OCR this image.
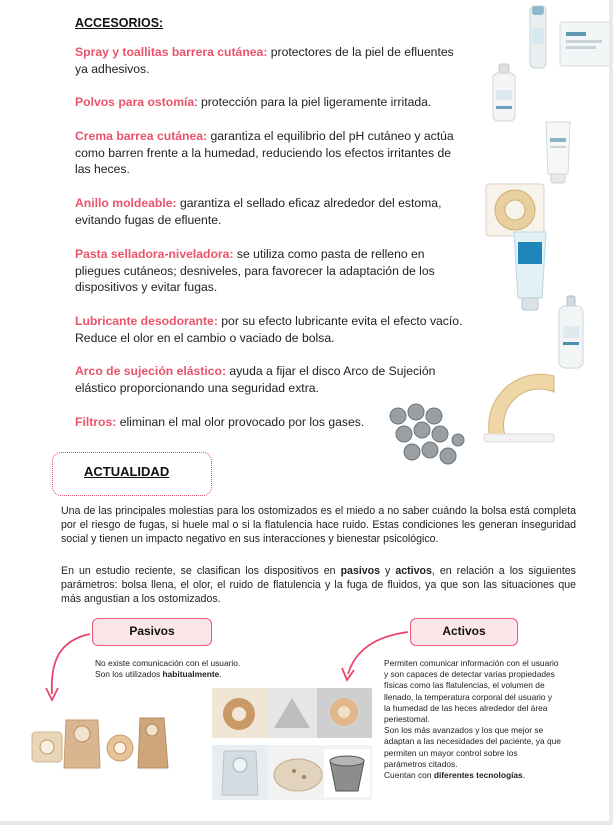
ACCESORIOS:
Spray y toallitas barrera cutánea: protectores de la piel de efluentes
ya adhesivos.
Polvos para ostomía: protección para la piel ligeramente irritada.
Crema barrea cutánea: garantiza el equilibrio del pH cutáneo y actúa
como barren frente a la humedad, reduciendo los efectos irritantes de
las heces.
Anillo moldeable: garantiza el sellado eficaz alrededor del estoma,
evitando fugas de efluente.
Pasta selladora-niveladora: se utiliza como pasta de relleno en
pliegues cutáneos; desniveles, para favorecer la adaptación de los
dispositivos y evitar fugas.
Lubricante desodorante: por su efecto lubricante evita el efecto vacío.
Reduce el olor en el cambio o vaciado de bolsa.
Arco de sujeción elástico: ayuda a fijar el disco Arco de Sujeción
elástico proporcionando una seguridad extra.
Filtros: eliminan el mal olor provocado por los gases.
ACTUALIDAD
Una de las principales molestias para los ostomizados es el miedo a no saber cuándo la bolsa está completa por el riesgo de fugas, si huele mal o si la flatulencia hace ruido. Estas condiciones les generan inseguridad social y tienen un impacto negativo en sus interacciones y bienestar psicológico.
En un estudio reciente, se clasifican los dispositivos en pasivos y activos, en relación a los siguientes parámetros: bolsa llena, el olor, el ruido de flatulencia y la fuga de fluidos, ya que son las situaciones que más angustian a los ostomizados.
Pasivos	Activos
No existe comunicación con el usuario.
Son los utilizados habitualmente.
Permiten comunicar información con el usuario
y son capaces de detectar varias propiedades
físicas como las flatulencias, el volumen de
llenado, la temperatura corporal del usuario y
la humedad de las heces alrededor del área
periestomal.
Son los más avanzados y los que mejor se
adaptan a las necesidades del paciente, ya que
permiten un mayor control sobre los
parámetros citados.
Cuentan con diferentes tecnologías.
